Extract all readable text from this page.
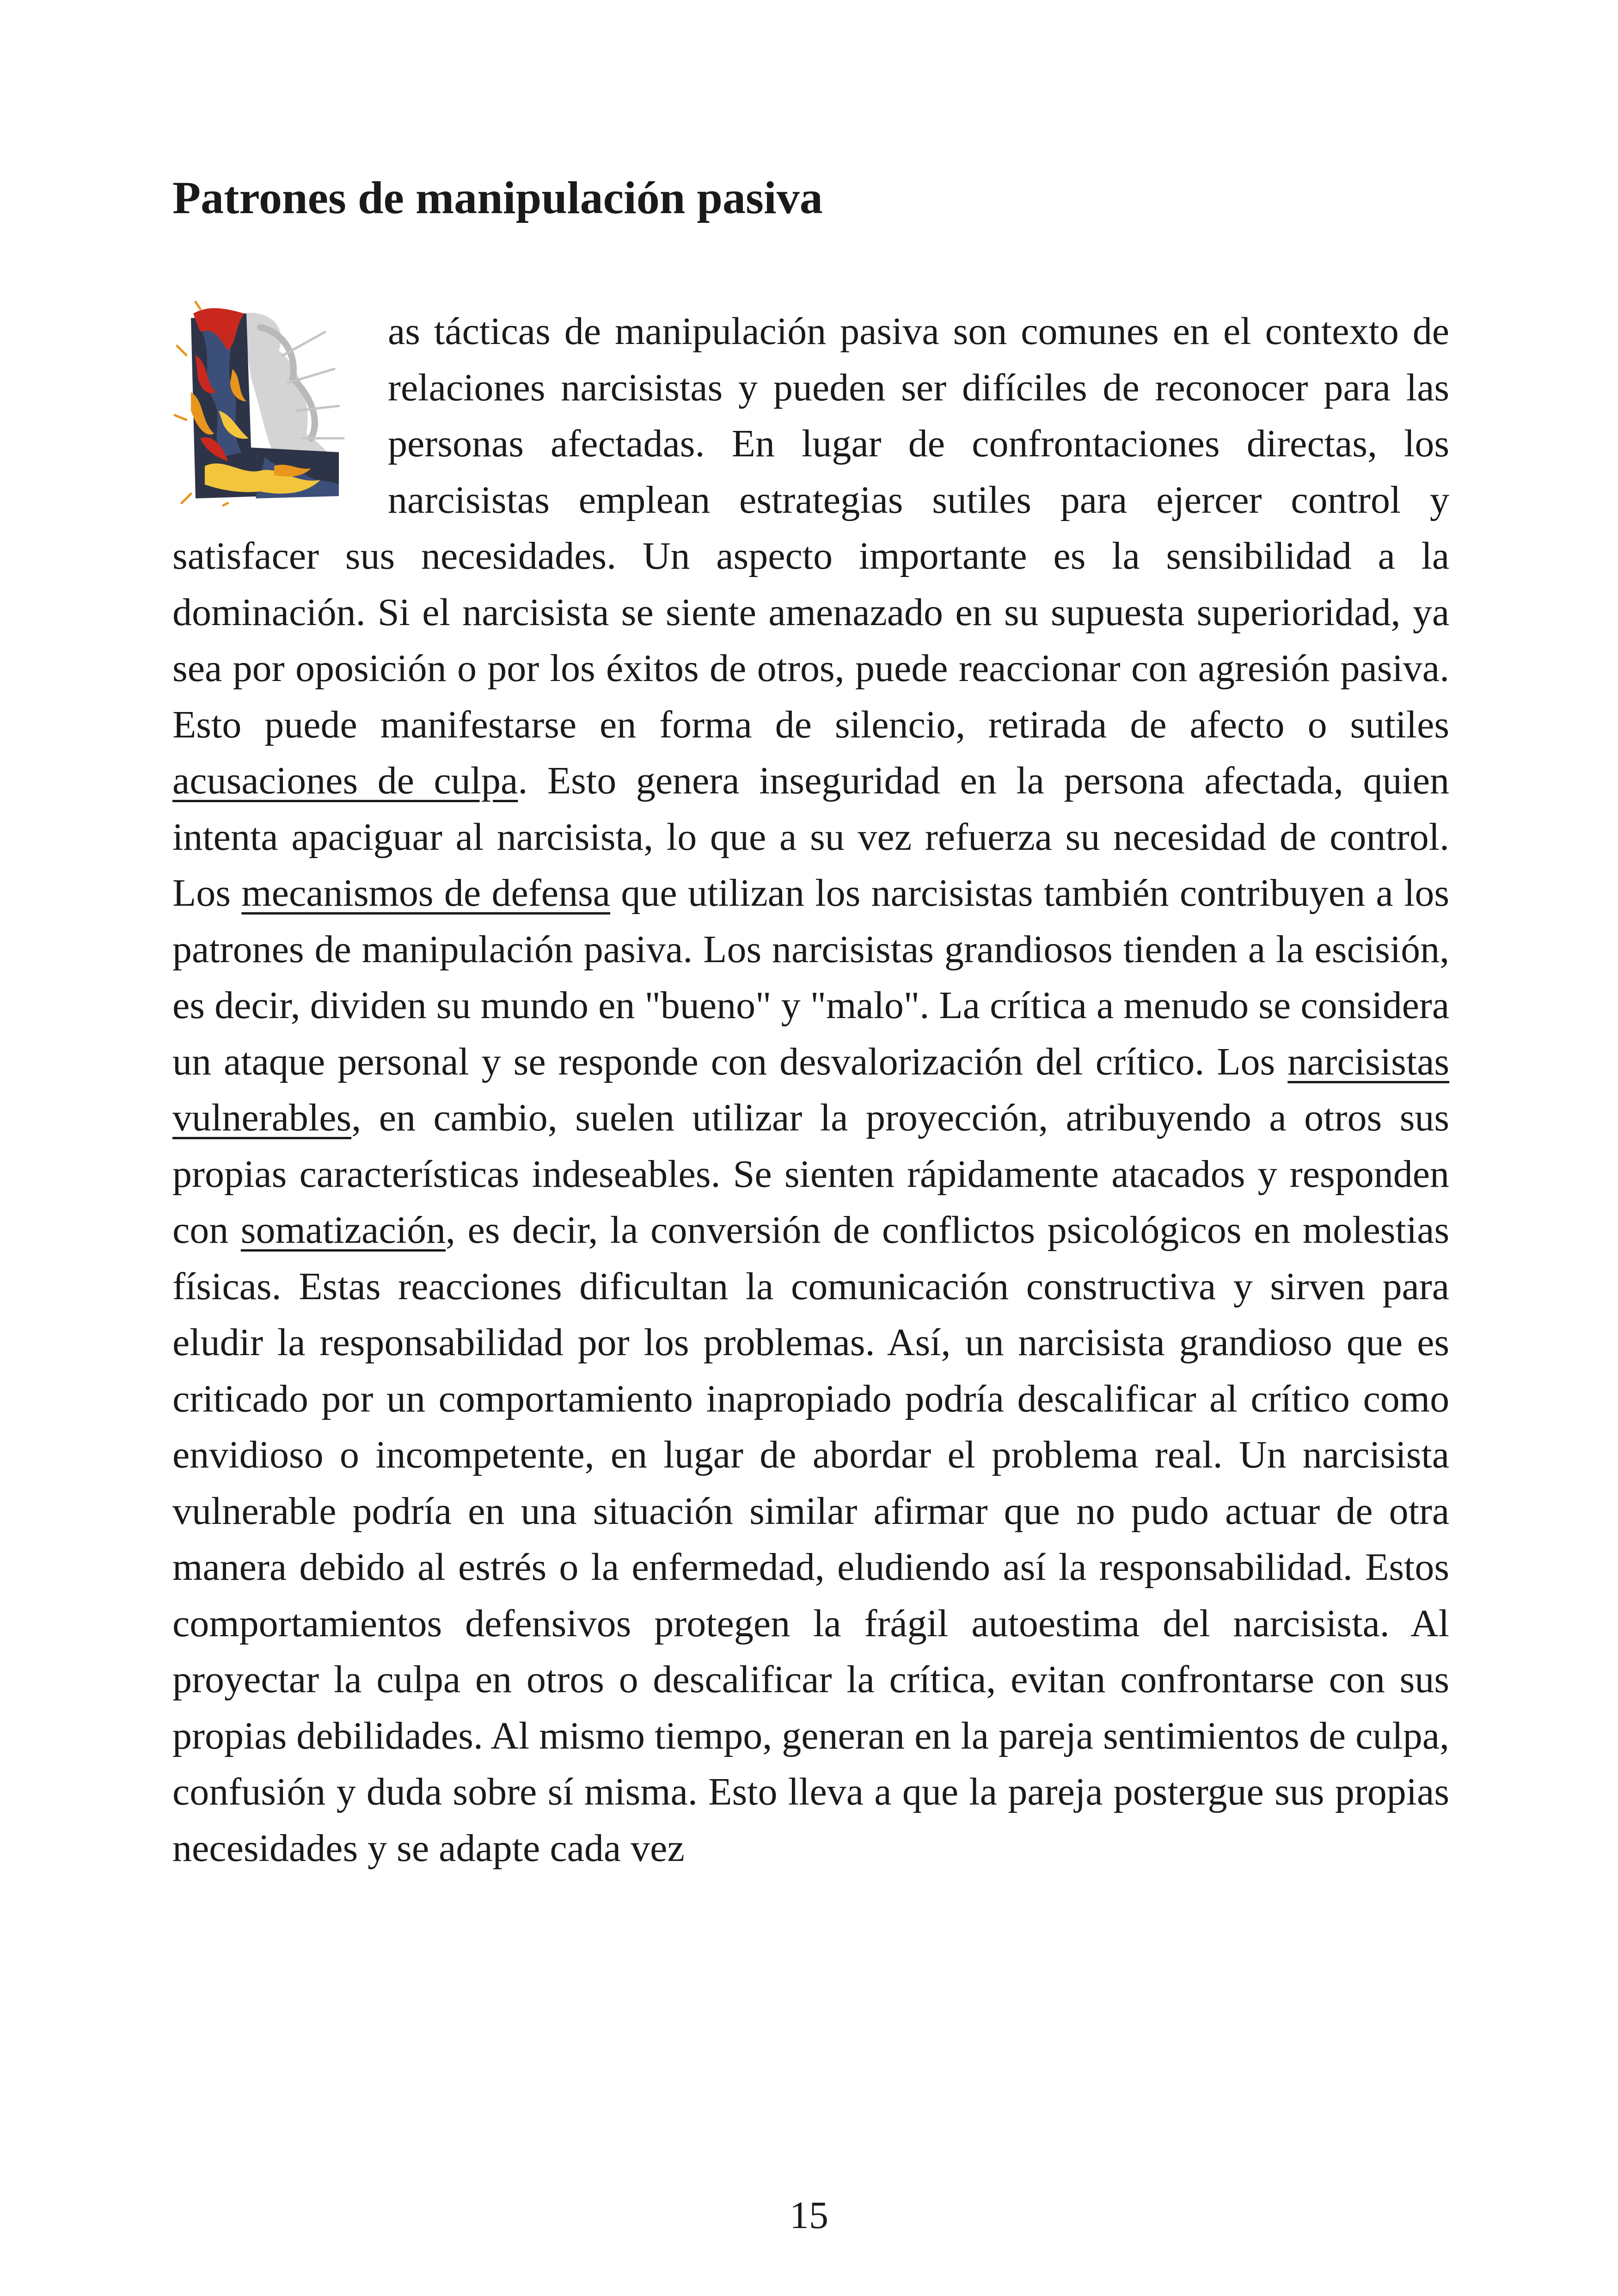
Patrones de manipulación pasiva
as tácticas de manipulación pasiva son comunes en el contexto de relaciones narcisistas y pueden ser difíciles de reconocer para las personas afectadas. En lugar de confrontaciones directas, los narcisistas emplean estrategias sutiles para ejercer control y satisfacer sus necesidades. Un aspecto importante es la sensibilidad a la dominación. Si el narcisista se siente amenazado en su supuesta superioridad, ya sea por oposición o por los éxitos de otros, puede reaccionar con agresión pasiva. Esto puede manifestarse en forma de silencio, retirada de afecto o sutiles acusaciones de culpa. Esto genera inseguridad en la persona afectada, quien intenta apaciguar al narcisista, lo que a su vez refuerza su necesidad de control. Los mecanismos de defensa que utilizan los narcisistas también contribuyen a los patrones de manipulación pasiva. Los narcisistas grandiosos tienden a la escisión, es decir, dividen su mundo en "bueno" y "malo". La crítica a menudo se considera un ataque personal y se responde con desvalorización del crítico. Los narcisistas vulnerables, en cambio, suelen utilizar la proyección, atribuyendo a otros sus propias características indeseables. Se sienten rápidamente atacados y responden con somatización, es decir, la conversión de conflictos psicológicos en molestias físicas. Estas reacciones dificultan la comunicación constructiva y sirven para eludir la responsabilidad por los problemas. Así, un narcisista grandioso que es criticado por un comportamiento inapropiado podría descalificar al crítico como envidioso o incompetente, en lugar de abordar el problema real. Un narcisista vulnerable podría en una situación similar afirmar que no pudo actuar de otra manera debido al estrés o la enfermedad, eludiendo así la responsabilidad. Estos comportamientos defensivos protegen la frágil autoestima del narcisista. Al proyectar la culpa en otros o descalificar la crítica, evitan confrontarse con sus propias debilidades. Al mismo tiempo, generan en la pareja sentimientos de culpa, confusión y duda sobre sí misma. Esto lleva a que la pareja postergue sus propias necesidades y se adapte cada vez

15
